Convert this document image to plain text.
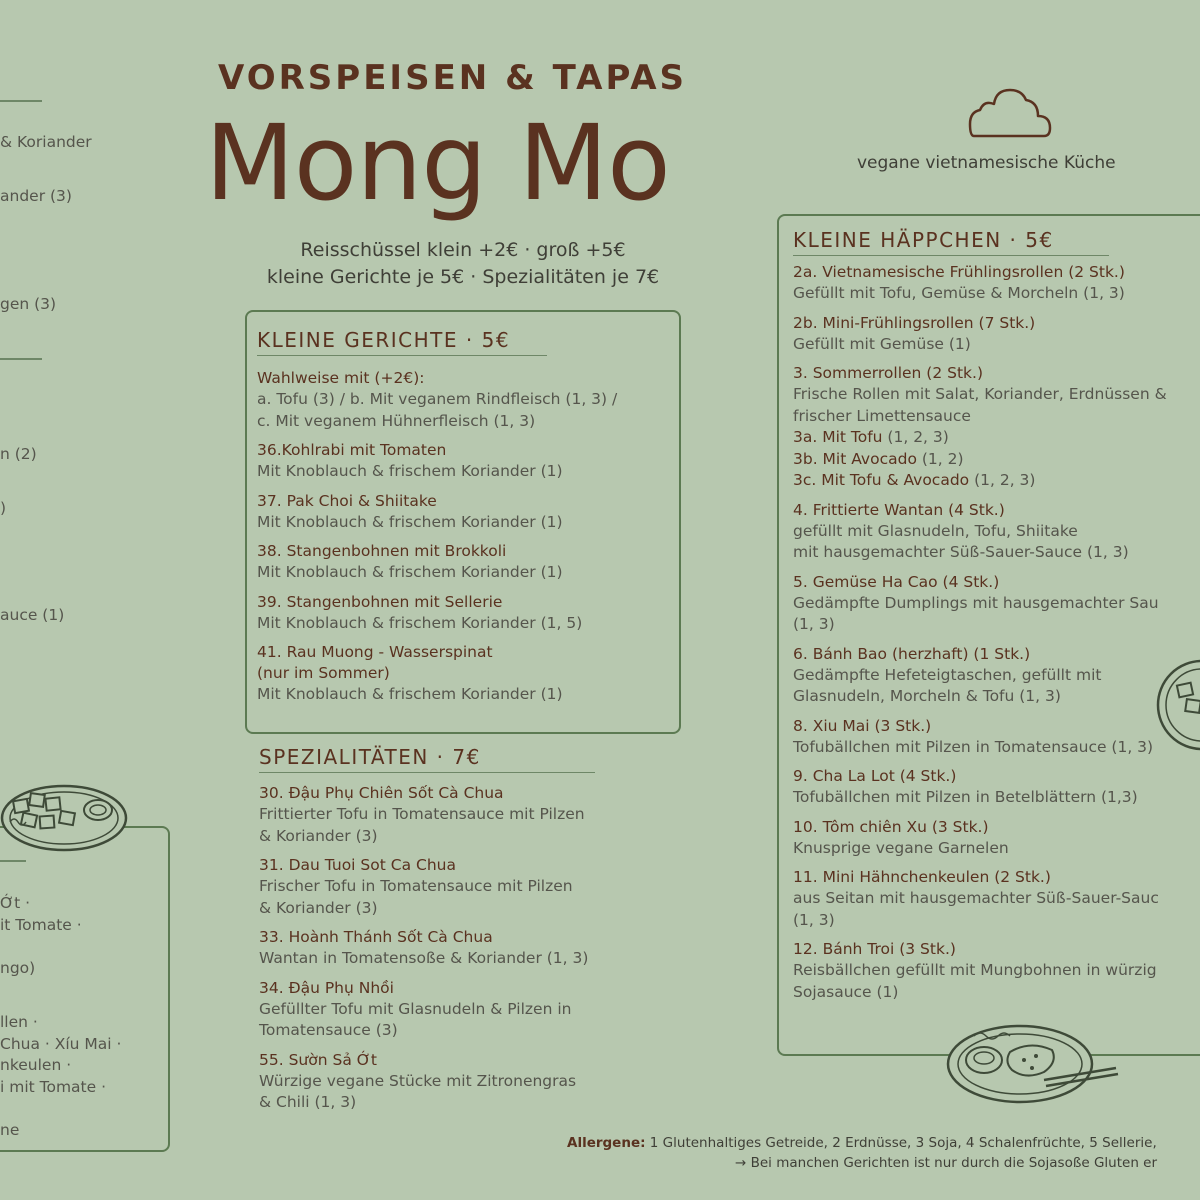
VORSPEISEN & TAPAS
Mong Mo
Reisschüssel klein +2€ · groß +5€
kleine Gerichte je 5€ · Spezialitäten je 7€
vegane vietnamesische Küche
& Koriander
ander (3)
gen (3)
n (2)
)
auce (1)
Ớt ·
it Tomate ·
ngo)
llen ·
Chua · Xíu Mai ·
nkeulen ·
i mit Tomate ·
ne
KLEINE GERICHTE · 5€
Wahlweise mit (+2€):
a. Tofu (3) / b. Mit veganem Rindfleisch (1, 3) /
c. Mit veganem Hühnerfleisch (1, 3)
36.Kohlrabi mit Tomaten
Mit Knoblauch & frischem Koriander (1)
37. Pak Choi & Shiitake
Mit Knoblauch & frischem Koriander (1)
38. Stangenbohnen mit Brokkoli
Mit Knoblauch & frischem Koriander (1)
39. Stangenbohnen mit Sellerie
Mit Knoblauch & frischem Koriander (1, 5)
41. Rau Muong - Wasserspinat
(nur im Sommer)
Mit Knoblauch & frischem Koriander (1)
SPEZIALITÄTEN · 7€
30. Đậu Phụ Chiên Sốt Cà Chua
Frittierter Tofu in Tomatensauce mit Pilzen
& Koriander (3)
31. Dau Tuoi Sot Ca Chua
Frischer Tofu in Tomatensauce mit Pilzen
& Koriander (3)
33. Hoành Thánh Sốt Cà Chua
Wantan in Tomatensoße & Koriander (1, 3)
34. Đậu Phụ Nhồi
Gefüllter Tofu mit Glasnudeln & Pilzen in
Tomatensauce (3)
55. Sườn Sả Ớt
Würzige vegane Stücke mit Zitronengras
& Chili (1, 3)
KLEINE HÄPPCHEN · 5€
2a. Vietnamesische Frühlingsrollen (2 Stk.)
Gefüllt mit Tofu, Gemüse & Morcheln (1, 3)
2b. Mini-Frühlingsrollen (7 Stk.)
Gefüllt mit Gemüse (1)
3. Sommerrollen (2 Stk.)
Frische Rollen mit Salat, Koriander, Erdnüssen &
frischer Limettensauce
3a. Mit Tofu (1, 2, 3)
3b. Mit Avocado (1, 2)
3c. Mit Tofu & Avocado (1, 2, 3)
4. Frittierte Wantan (4 Stk.)
gefüllt mit Glasnudeln, Tofu, Shiitake
mit hausgemachter Süß-Sauer-Sauce (1, 3)
5. Gemüse Ha Cao (4 Stk.)
Gedämpfte Dumplings mit hausgemachter Sau
(1, 3)
6. Bánh Bao (herzhaft) (1 Stk.)
Gedämpfte Hefeteigtaschen, gefüllt mit
Glasnudeln, Morcheln & Tofu (1, 3)
8. Xiu Mai (3 Stk.)
Tofubällchen mit Pilzen in Tomatensauce (1, 3)
9. Cha La Lot (4 Stk.)
Tofubällchen mit Pilzen in Betelblättern (1,3)
10. Tôm chiên Xu (3 Stk.)
Knusprige vegane Garnelen
11. Mini Hähnchenkeulen (2 Stk.)
aus Seitan mit hausgemachter Süß-Sauer-Sauc
(1, 3)
12. Bánh Troi (3 Stk.)
Reisbällchen gefüllt mit Mungbohnen in würzig
Sojasauce (1)
Allergene: 1 Glutenhaltiges Getreide, 2 Erdnüsse, 3 Soja, 4 Schalenfrüchte, 5 Sellerie,
→ Bei manchen Gerichten ist nur durch die Sojasoße Gluten er
